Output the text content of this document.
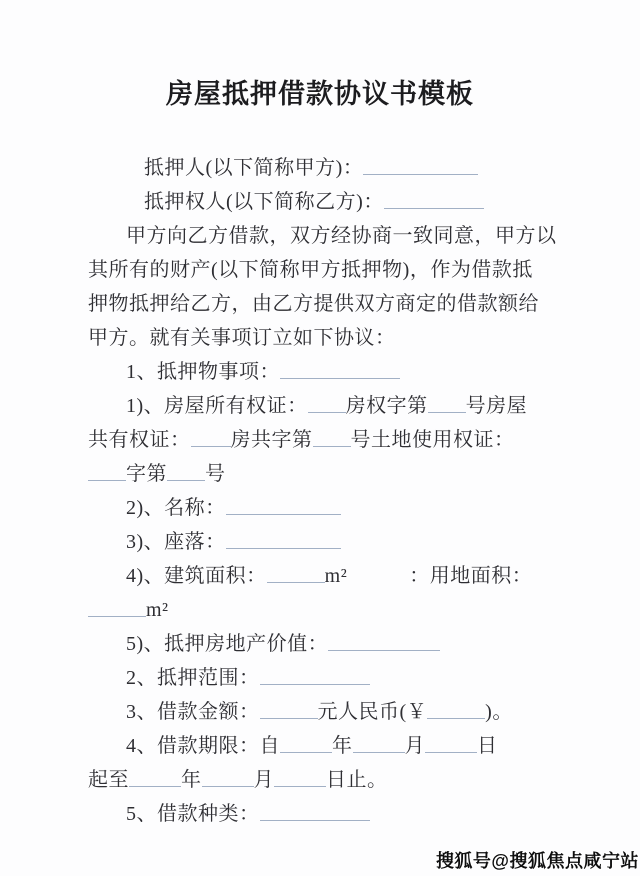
房屋抵押借款协议书模板
抵押人(以下简称甲方)：
抵押权人(以下简称乙方)：
甲方向乙方借款，双方经协商一致同意，甲方以
其所有的财产(以下简称甲方抵押物)，作为借款抵
押物抵押给乙方，由乙方提供双方商定的借款额给
甲方。就有关事项订立如下协议：
1、抵押物事项：
1)、房屋所有权证： 房权字第 号房屋
共有权证： 房共字第 号土地使用权证：
字第 号
2)、名称：
3)、座落：
4)、建筑面积：	m²	：用地面积：
m²
5)、抵押房地产价值：
2、抵押范围：
3、借款金额：	元人民币(￥	)。
4、借款期限：自	年	月	日
起至	年	月	日止。
5、借款种类：
搜狐号@搜狐焦点咸宁站
